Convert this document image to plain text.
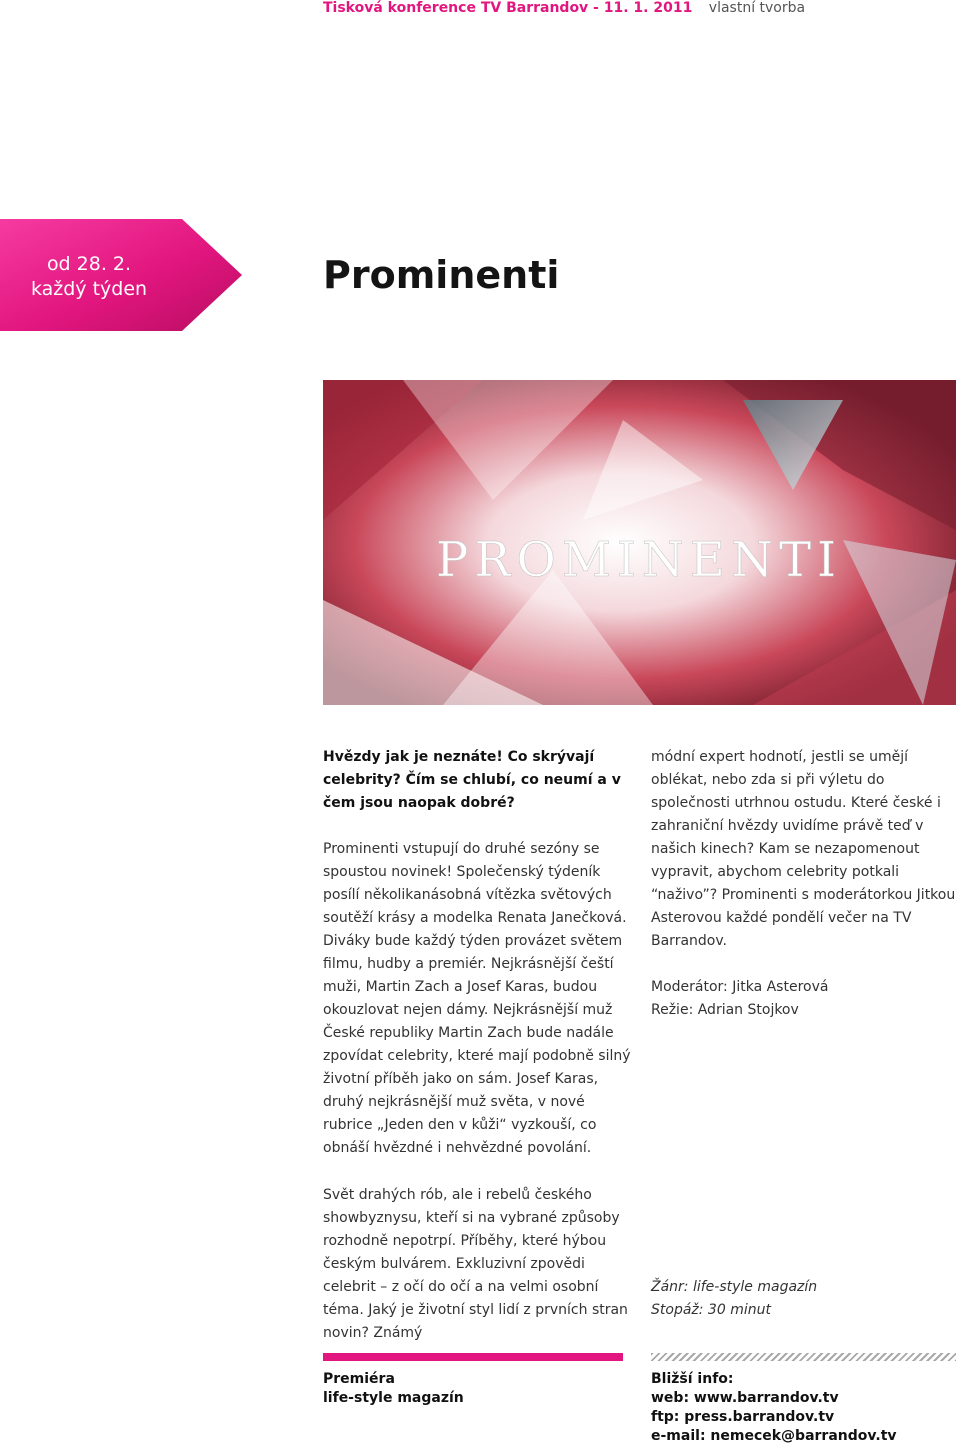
Tisková konference TV Barrandov - 11. 1. 2011 vlastní tvorba
od 28. 2.
každý týden	Prominenti
PROMINENTI

Hvězdy jak je neznáte! Co skrývají celebrity? Čím se chlubí, co neumí a v čem jsou naopak dobré?

Prominenti vstupují do druhé sezóny se spoustou novinek! Společenský týdeník posílí několikanásobná vítězka světových soutěží krásy a modelka Renata Janečková. Diváky bude každý týden provázet světem filmu, hudby a premiér. Nejkrásnější čeští muži, Martin Zach a Josef Karas, budou okouzlovat nejen dámy. Nejkrásnější muž České republiky Martin Zach bude nadále zpovídat celebrity, které mají podobně silný životní příběh jako on sám. Josef Karas, druhý nejkrásnější muž světa, v nové rubrice „Jeden den v kůži“ vyzkouší, co obnáší hvězdné i nehvězdné povolání.

Svět drahých rób, ale i rebelů českého showbyznysu, kteří si na vybrané způsoby rozhodně nepotrpí. Příběhy, které hýbou českým bulvárem. Exkluzivní zpovědi celebrit – z očí do očí a na velmi osobní téma. Jaký je životní styl lidí z prvních stran novin? Známý

módní expert hodnotí, jestli se umějí oblékat, nebo zda si při výletu do společnosti utrhnou ostudu. Které české i zahraniční hvězdy uvidíme právě teď v našich kinech? Kam se nezapomenout vypravit, abychom celebrity potkali “naživo”? Prominenti s moderátorkou Jitkou Asterovou každé pondělí večer na TV Barrandov.

Moderátor: Jitka Asterová
Režie: Adrian Stojkov

Žánr: life-style magazín
Stopáž: 30 minut
Premiéra
life-style magazín
Bližší info:
web: www.barrandov.tv
ftp: press.barrandov.tv
e-mail: nemecek@barrandov.tv
